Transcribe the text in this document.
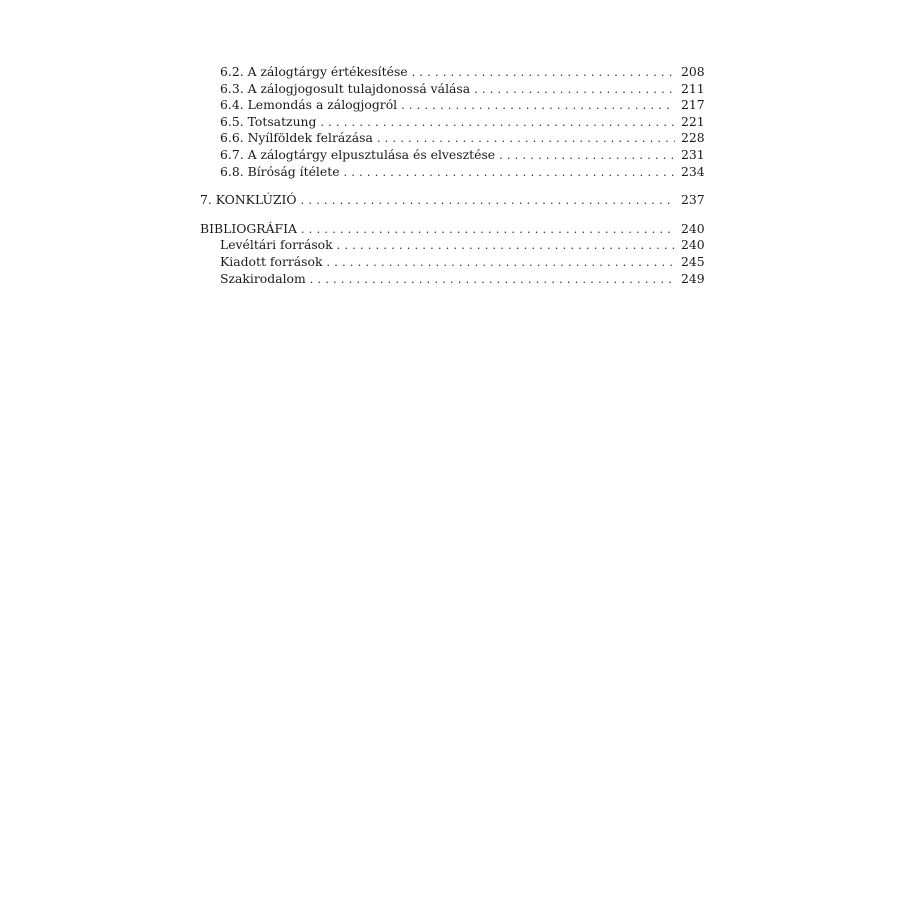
6.2. A zálogtárgy értékesítése . . .	208
6.3. A zálogjogosult tulajdonossá válása . . .	211
6.4. Lemondás a zálogjogról . . .	217
6.5. Totsatzung . . .	221
6.6. Nyílföldek felrázása . . .	228
6.7. A zálogtárgy elpusztulása és elvesztése . . .	231
6.8. Bíróság ítélete . . .	234
7. KONKLÚZIÓ . . .	237
BIBLIOGRÁFIA . . .	240
Levéltári források . . .	240
Kiadott források . . .	245
Szakirodalom . . .	249
